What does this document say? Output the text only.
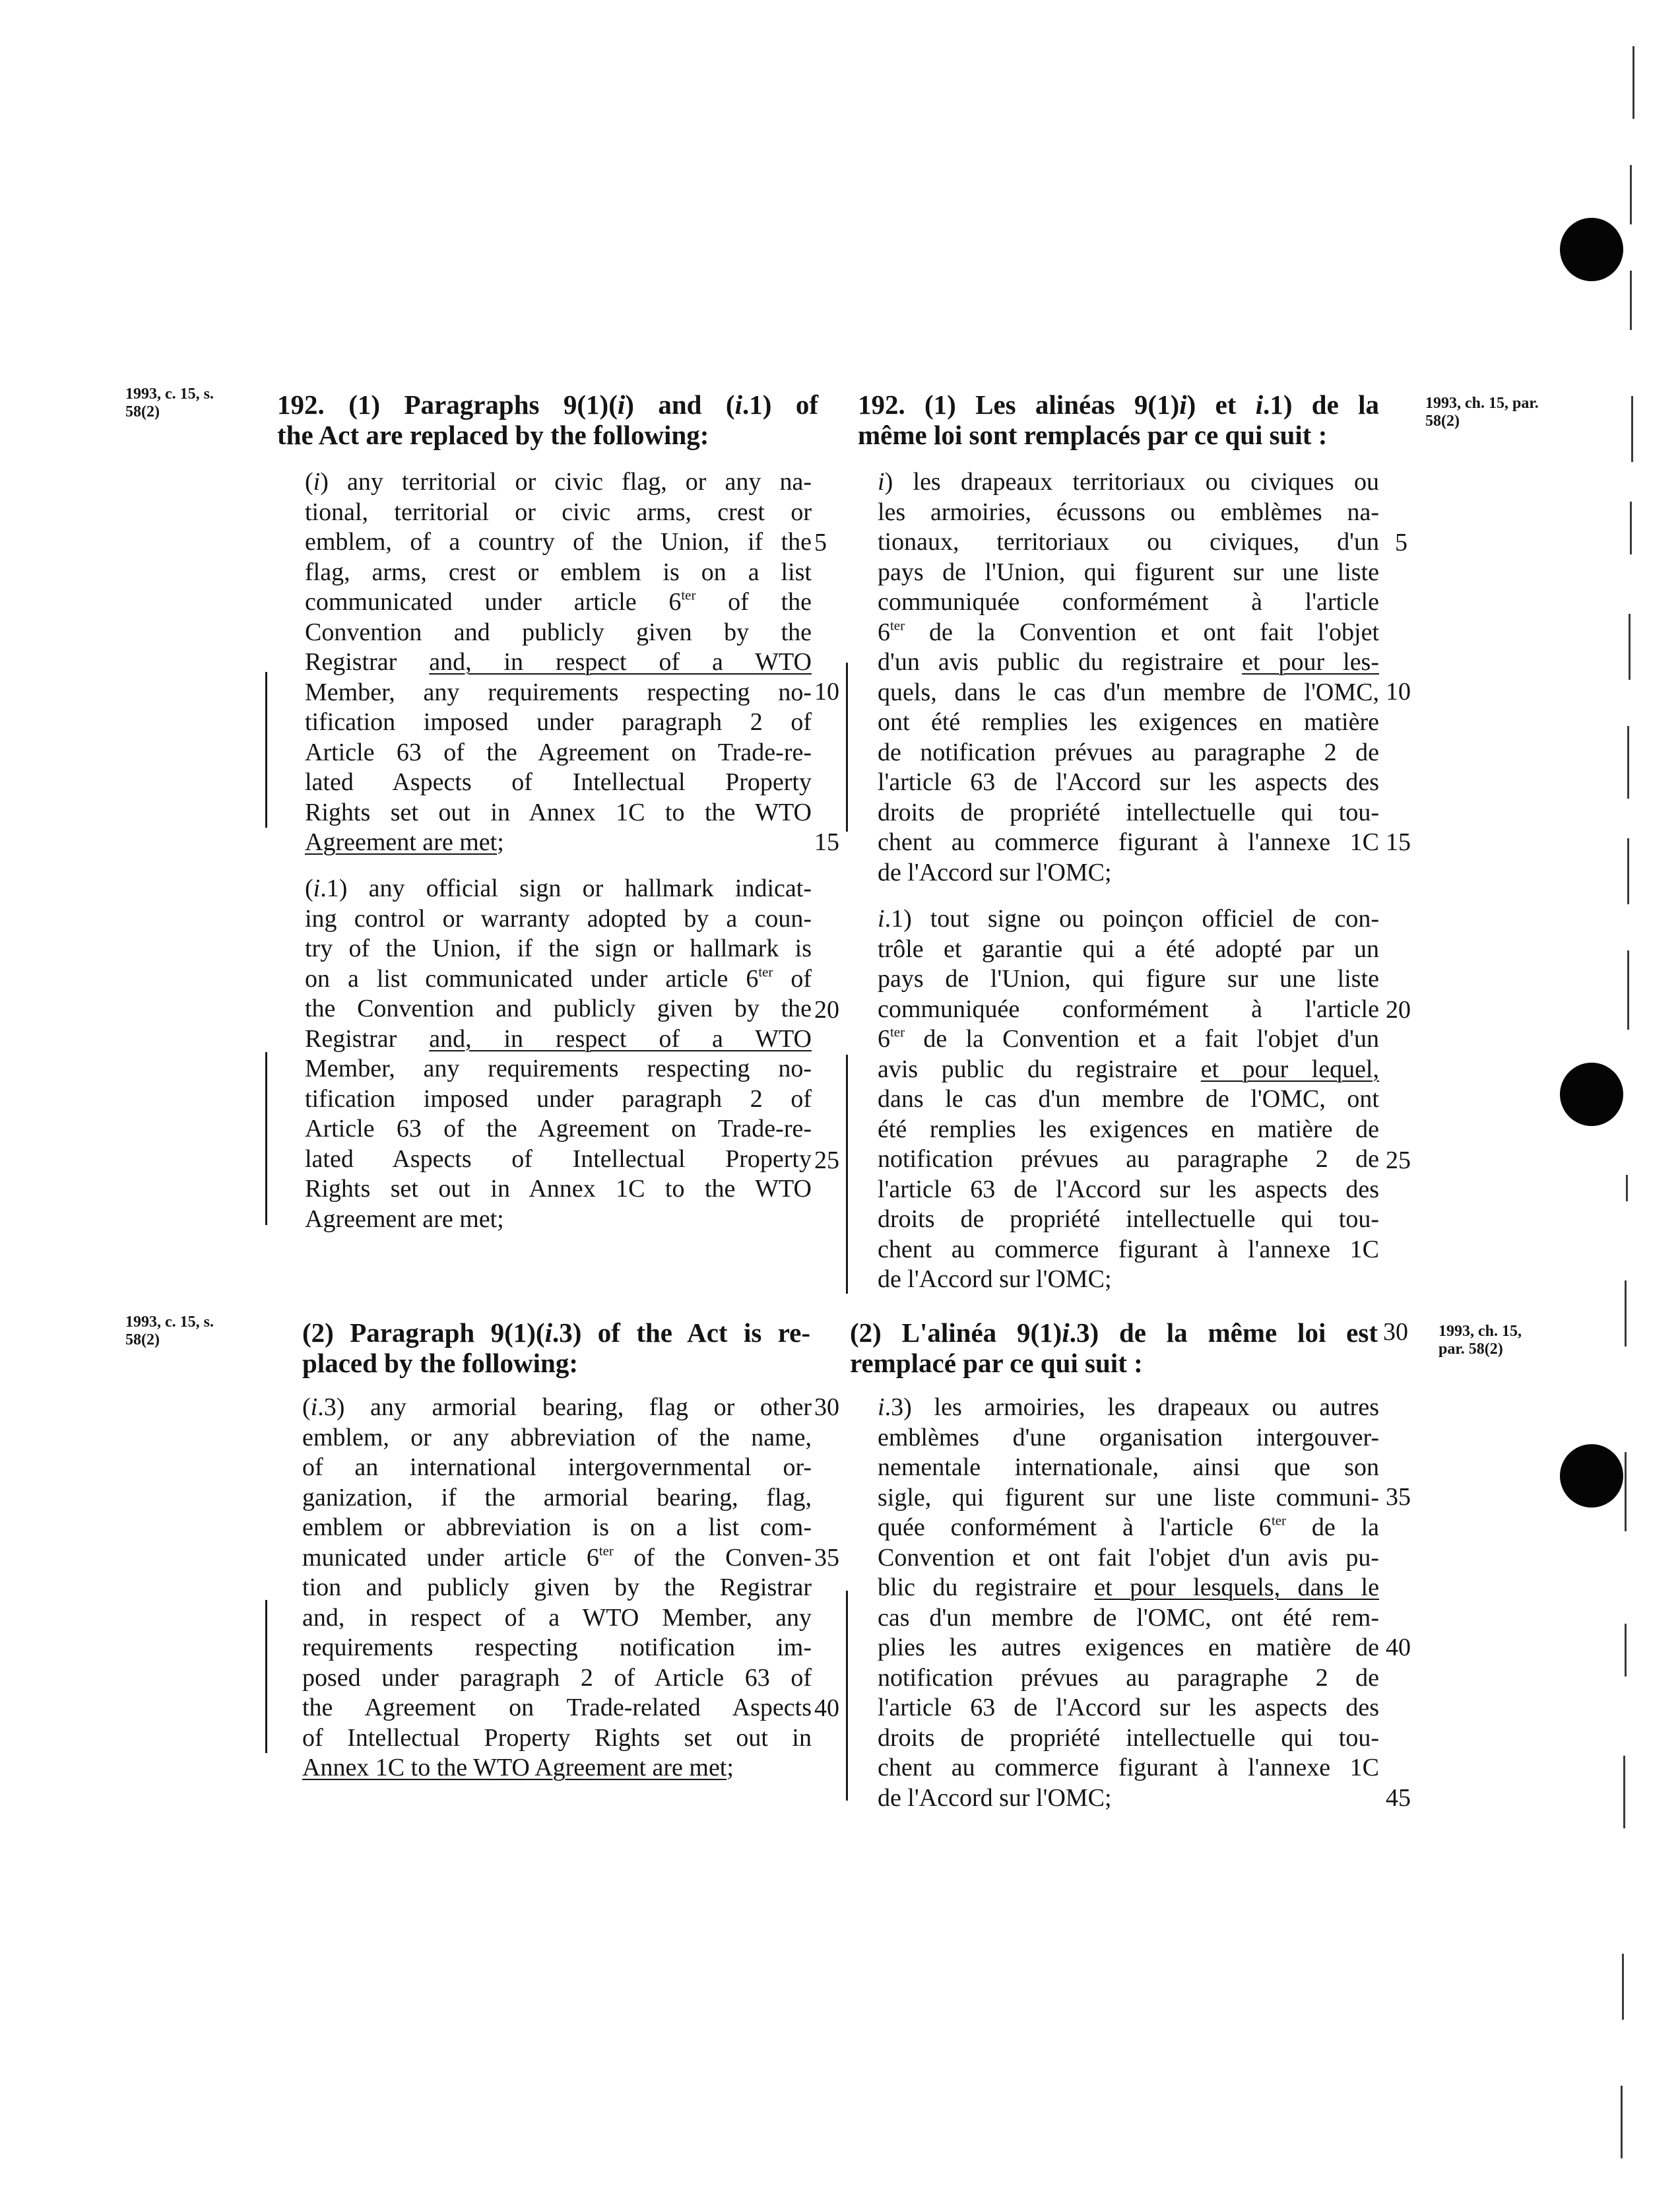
1993, c. 15, s. 58(2)	1993, ch. 15, par. 58(2)
1993, c. 15, s. 58(2)	1993, ch. 15, par. 58(2)
192. (1) Paragraphs 9(1)(i) and (i.1) of
the Act are replaced by the following:
192. (1) Les alinéas 9(1)i) et i.1) de la
même loi sont remplacés par ce qui suit :
(i) any territorial or civic flag, or any na-
tional, territorial or civic arms, crest or
emblem, of a country of the Union, if the
flag, arms, crest or emblem is on a list
communicated under article $6^{ter}$ of the
Convention and publicly given by the
Registrar and, in respect of a WTO
Member, any requirements respecting no-
tification imposed under paragraph 2 of
Article 63 of the Agreement on Trade-re-
lated Aspects of Intellectual Property
Rights set out in Annex 1C to the WTO
Agreement are met;
(i.1) any official sign or hallmark indicat-
ing control or warranty adopted by a coun-
try of the Union, if the sign or hallmark is
on a list communicated under article $6^{ter}$ of
the Convention and publicly given by the
Registrar and, in respect of a WTO
Member, any requirements respecting no-
tification imposed under paragraph 2 of
Article 63 of the Agreement on Trade-re-
lated Aspects of Intellectual Property
Rights set out in Annex 1C to the WTO
Agreement are met;
i) les drapeaux territoriaux ou civiques ou
les armoiries, écussons ou emblèmes na-
tionaux, territoriaux ou civiques, d'un
pays de l'Union, qui figurent sur une liste
communiquée conformément à l'article
$6^{ter}$ de la Convention et ont fait l'objet
d'un avis public du registraire et pour les-
quels, dans le cas d'un membre de l'OMC,
ont été remplies les exigences en matière
de notification prévues au paragraphe 2 de
l'article 63 de l'Accord sur les aspects des
droits de propriété intellectuelle qui tou-
chent au commerce figurant à l'annexe 1C
de l'Accord sur l'OMC;
i.1) tout signe ou poinçon officiel de con-
trôle et garantie qui a été adopté par un
pays de l'Union, qui figure sur une liste
communiquée conformément à l'article
$6^{ter}$ de la Convention et a fait l'objet d'un
avis public du registraire et pour lequel,
dans le cas d'un membre de l'OMC, ont
été remplies les exigences en matière de
notification prévues au paragraphe 2 de
l'article 63 de l'Accord sur les aspects des
droits de propriété intellectuelle qui tou-
chent au commerce figurant à l'annexe 1C
de l'Accord sur l'OMC;
(2) Paragraph 9(1)(i.3) of the Act is re-
placed by the following:
(2) L'alinéa 9(1)i.3) de la même loi est
remplacé par ce qui suit :
(i.3) any armorial bearing, flag or other
emblem, or any abbreviation of the name,
of an international intergovernmental or-
ganization, if the armorial bearing, flag,
emblem or abbreviation is on a list com-
municated under article $6^{ter}$ of the Conven-
tion and publicly given by the Registrar
and, in respect of a WTO Member, any
requirements respecting notification im-
posed under paragraph 2 of Article 63 of
the Agreement on Trade-related Aspects
of Intellectual Property Rights set out in
Annex 1C to the WTO Agreement are met;
i.3) les armoiries, les drapeaux ou autres
emblèmes d'une organisation intergouver-
nementale internationale, ainsi que son
sigle, qui figurent sur une liste communi-
quée conformément à l'article $6^{ter}$ de la
Convention et ont fait l'objet d'un avis pu-
blic du registraire et pour lesquels, dans le
cas d'un membre de l'OMC, ont été rem-
plies les autres exigences en matière de
notification prévues au paragraphe 2 de
l'article 63 de l'Accord sur les aspects des
droits de propriété intellectuelle qui tou-
chent au commerce figurant à l'annexe 1C
de l'Accord sur l'OMC;
5
10
15
20
25
30
35
40
5
10
15
20
25
30
35
40
45
